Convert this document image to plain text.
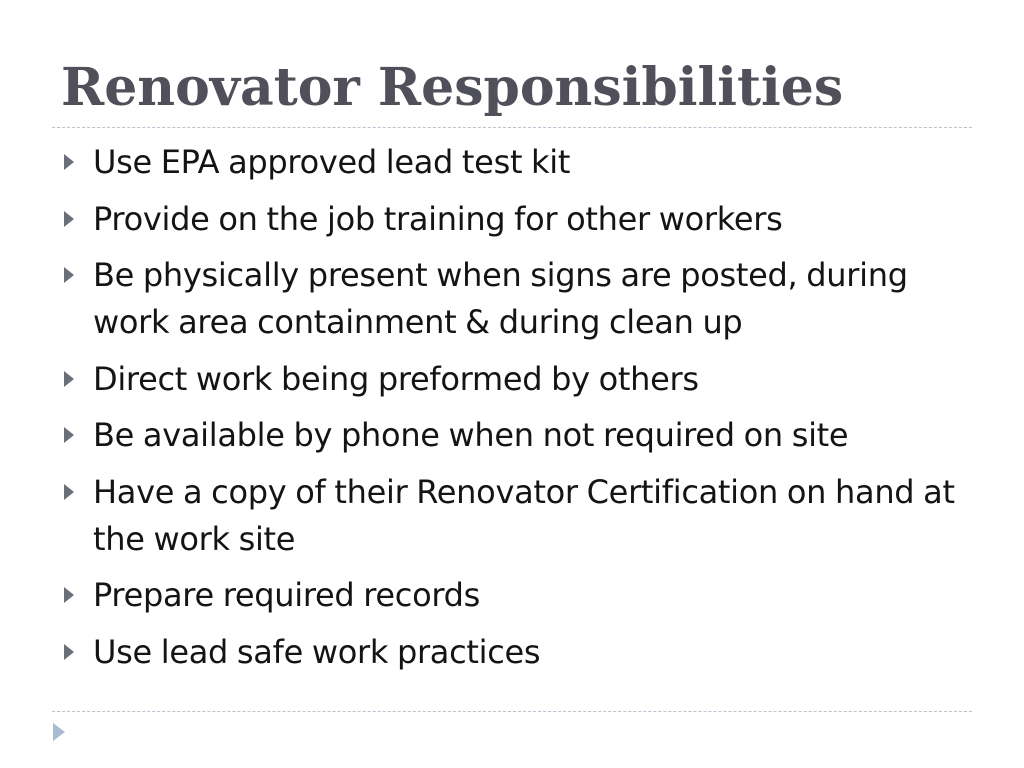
Renovator Responsibilities
Use EPA approved lead test kit
Provide on the job training for other workers
Be physically present when signs are posted, during work area containment & during clean up
Direct work being preformed by others
Be available by phone when not required on site
Have a copy of their Renovator Certification on hand at the work site
Prepare required records
Use lead safe work practices
